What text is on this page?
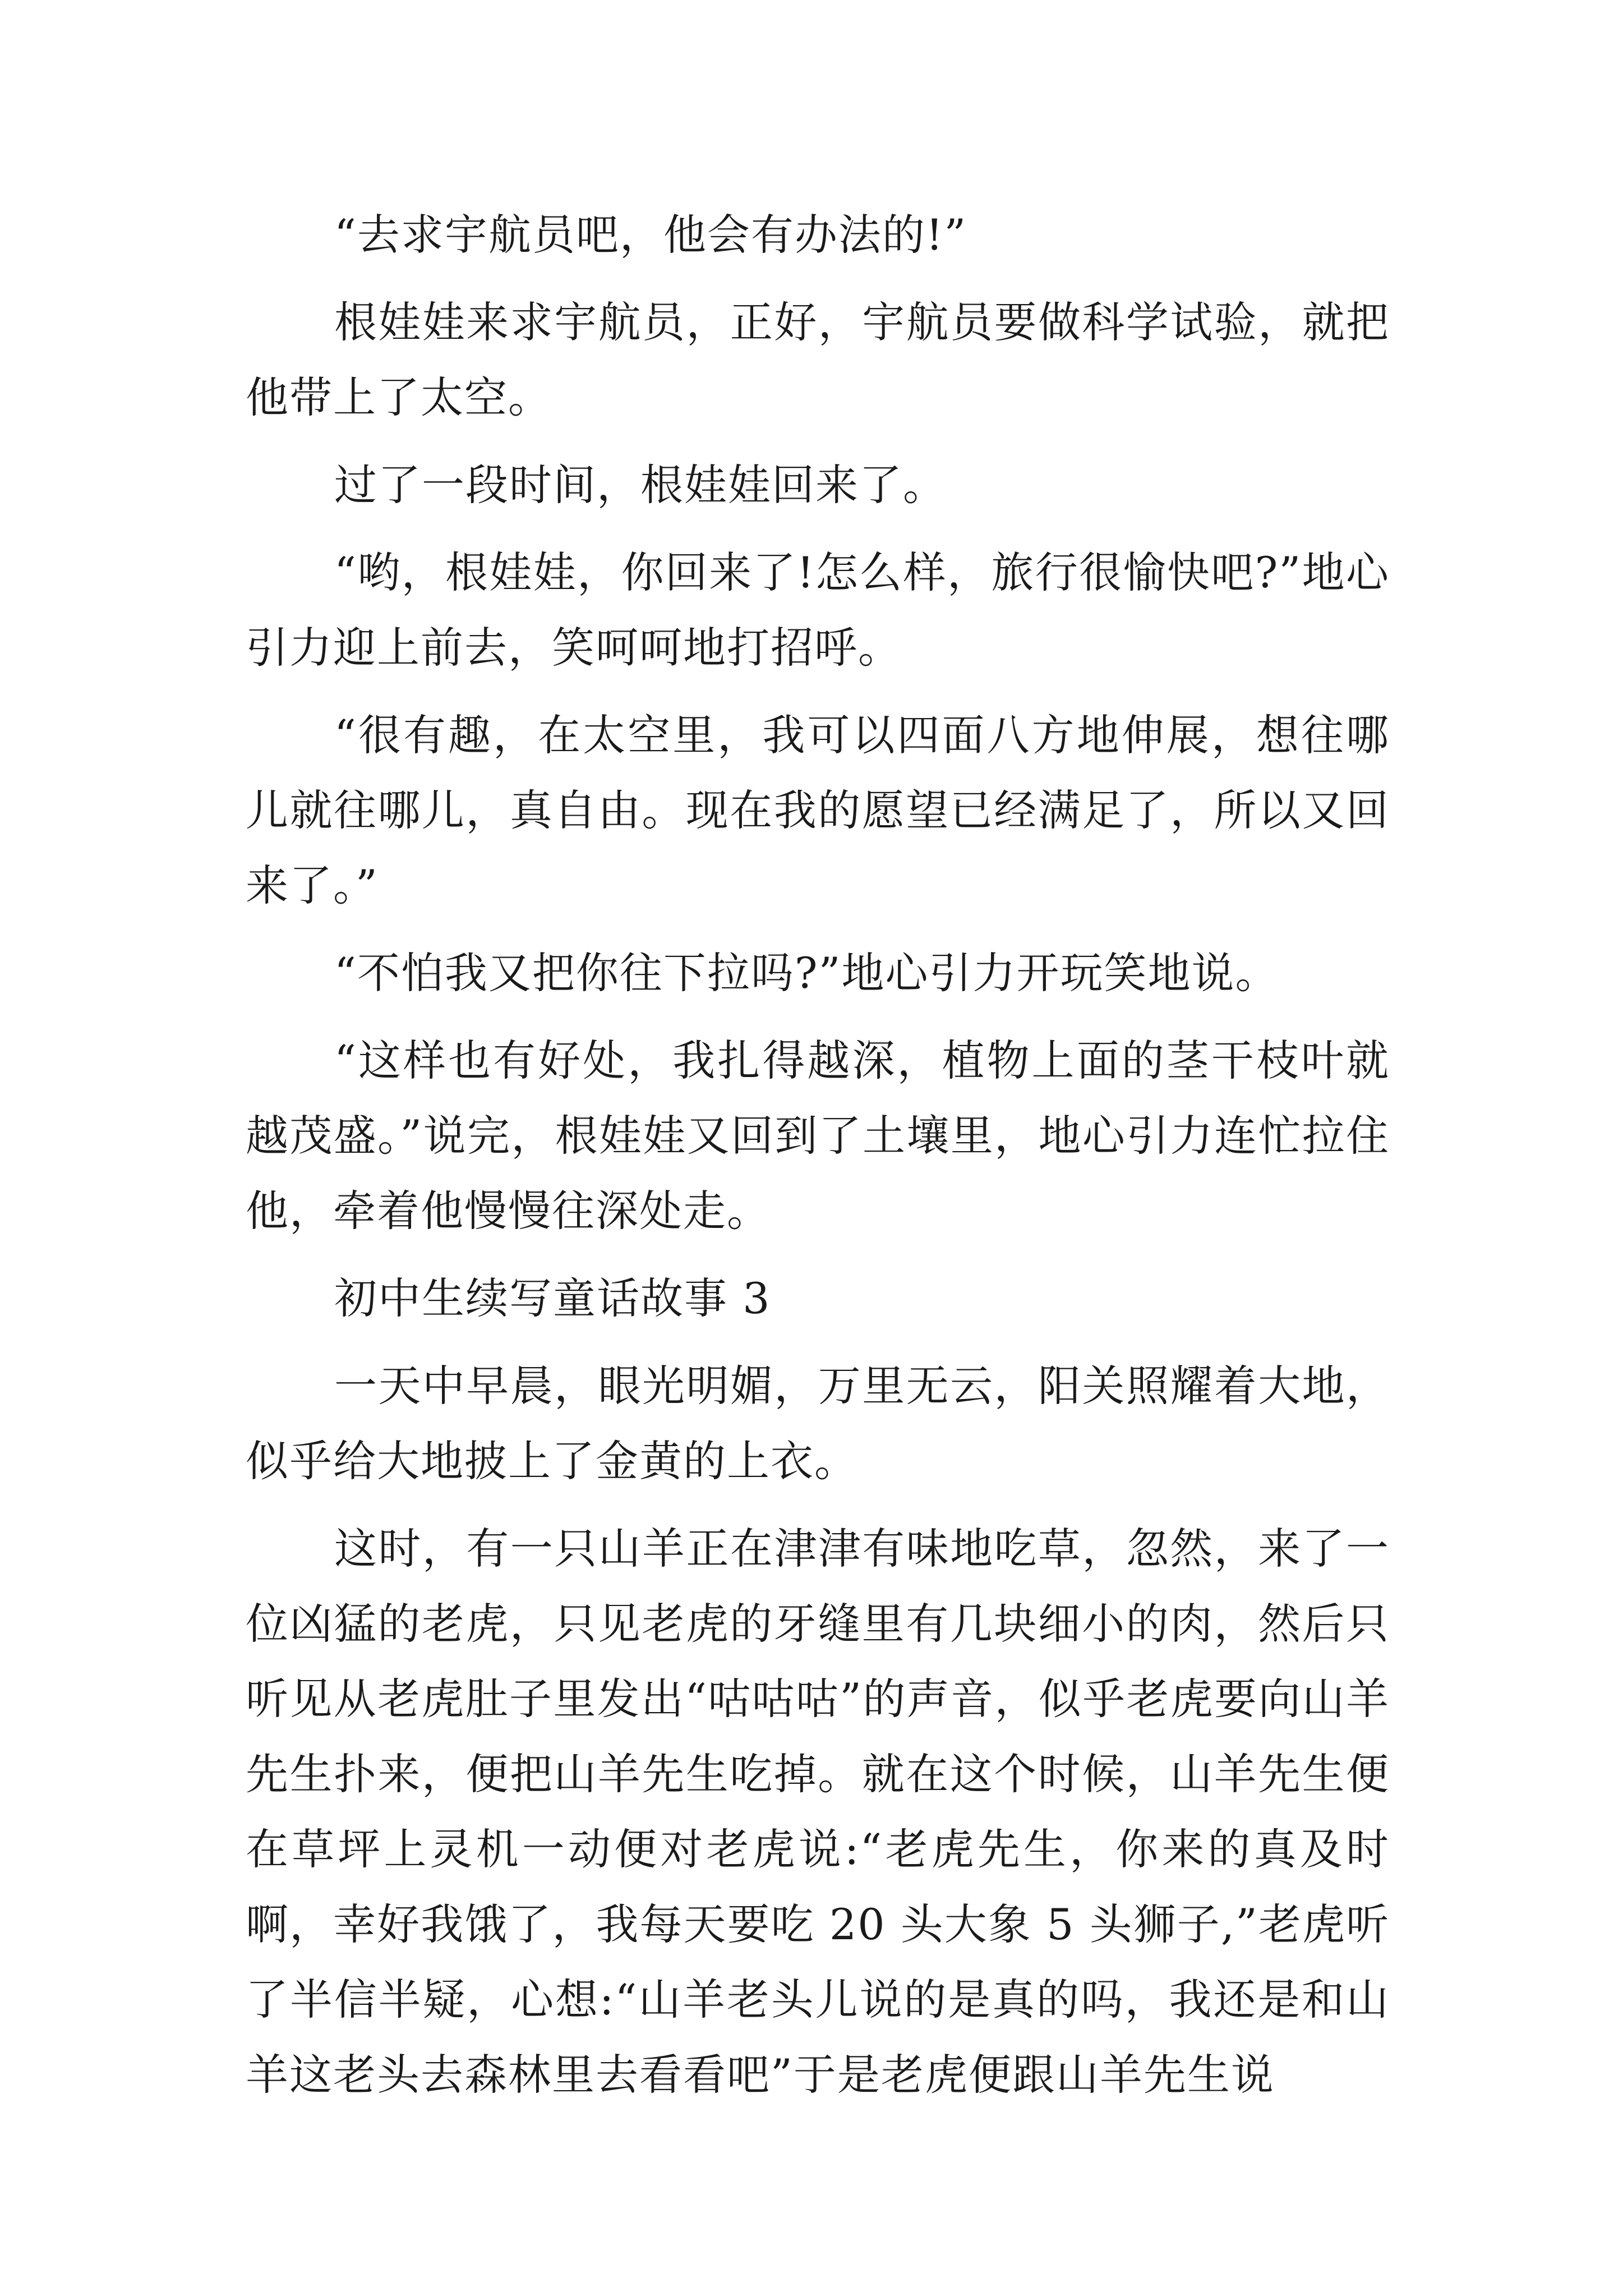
“去求宇航员吧，他会有办法的!”

根娃娃来求宇航员，正好，宇航员要做科学试验，就把他带上了太空。

过了一段时间，根娃娃回来了。

“哟，根娃娃，你回来了!怎么样，旅行很愉快吧?”地心引力迎上前去，笑呵呵地打招呼。

“很有趣，在太空里，我可以四面八方地伸展，想往哪儿就往哪儿，真自由。现在我的愿望已经满足了，所以又回来了。”

“不怕我又把你往下拉吗?”地心引力开玩笑地说。

“这样也有好处，我扎得越深，植物上面的茎干枝叶就越茂盛。”说完，根娃娃又回到了土壤里，地心引力连忙拉住他，牵着他慢慢往深处走。

初中生续写童话故事 3

一天中早晨，眼光明媚，万里无云，阳关照耀着大地，似乎给大地披上了金黄的上衣。

这时，有一只山羊正在津津有味地吃草，忽然，来了一位凶猛的老虎，只见老虎的牙缝里有几块细小的肉，然后只听见从老虎肚子里发出“咕咕咕”的声音，似乎老虎要向山羊先生扑来，便把山羊先生吃掉。就在这个时候，山羊先生便在草坪上灵机一动便对老虎说:“老虎先生，你来的真及时啊，幸好我饿了，我每天要吃 20 头大象 5 头狮子,”老虎听了半信半疑，心想:“山羊老头儿说的是真的吗，我还是和山羊这老头去森林里去看看吧”于是老虎便跟山羊先生说
